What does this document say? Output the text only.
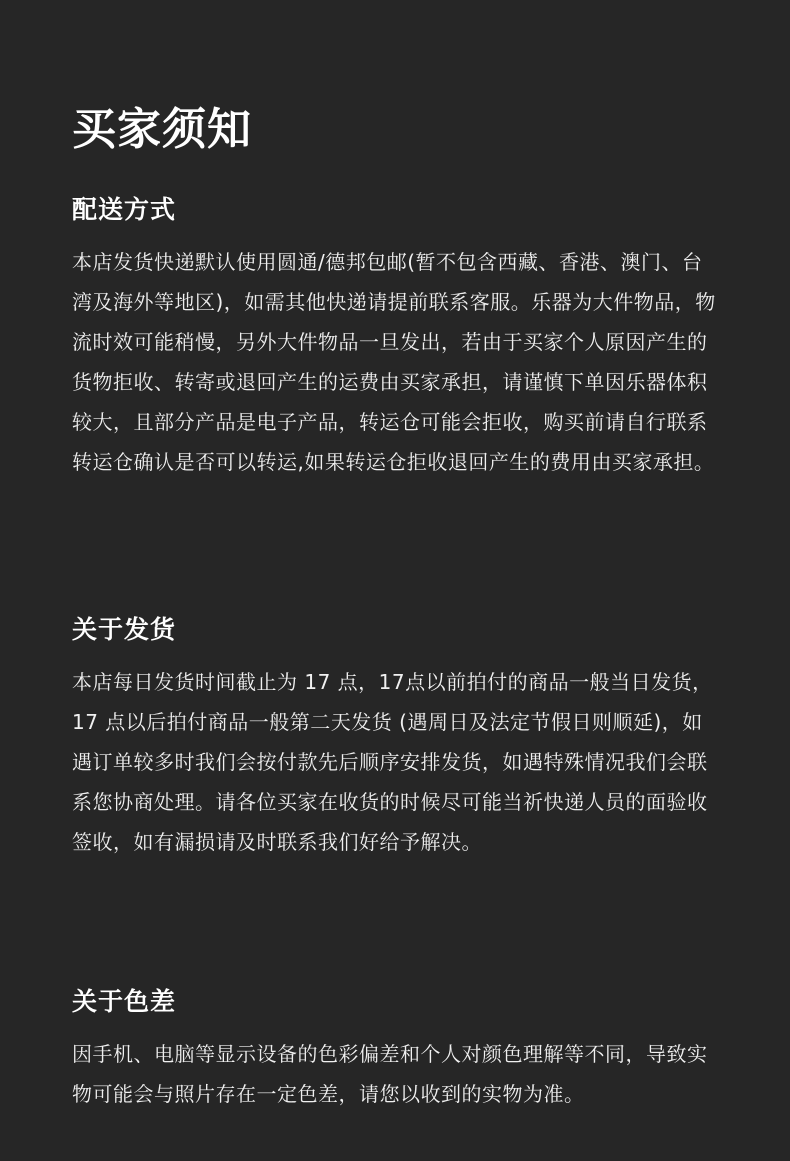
买家须知
配送方式

本店发货快递默认使用圆通/德邦包邮(暂不包含西藏、香港、澳门、台湾及海外等地区)，如需其他快递请提前联系客服。乐器为大件物品，物流时效可能稍慢，另外大件物品一旦发出，若由于买家个人原因产生的货物拒收、转寄或退回产生的运费由买家承担，请谨慎下单因乐器体积较大，且部分产品是电子产品，转运仓可能会拒收，购买前请自行联系转运仓确认是否可以转运,如果转运仓拒收退回产生的费用由买家承担。

关于发货

本店每日发货时间截止为 17 点，17点以前拍付的商品一般当日发货，17 点以后拍付商品一般第二天发货 (遇周日及法定节假日则顺延)，如遇订单较多时我们会按付款先后顺序安排发货，如遇特殊情况我们会联系您协商处理。请各位买家在收货的时候尽可能当祈快递人员的面验收签收，如有漏损请及时联系我们好给予解决。

关于色差

因手机、电脑等显示设备的色彩偏差和个人对颜色理解等不同，导致实物可能会与照片存在一定色差，请您以收到的实物为准。
